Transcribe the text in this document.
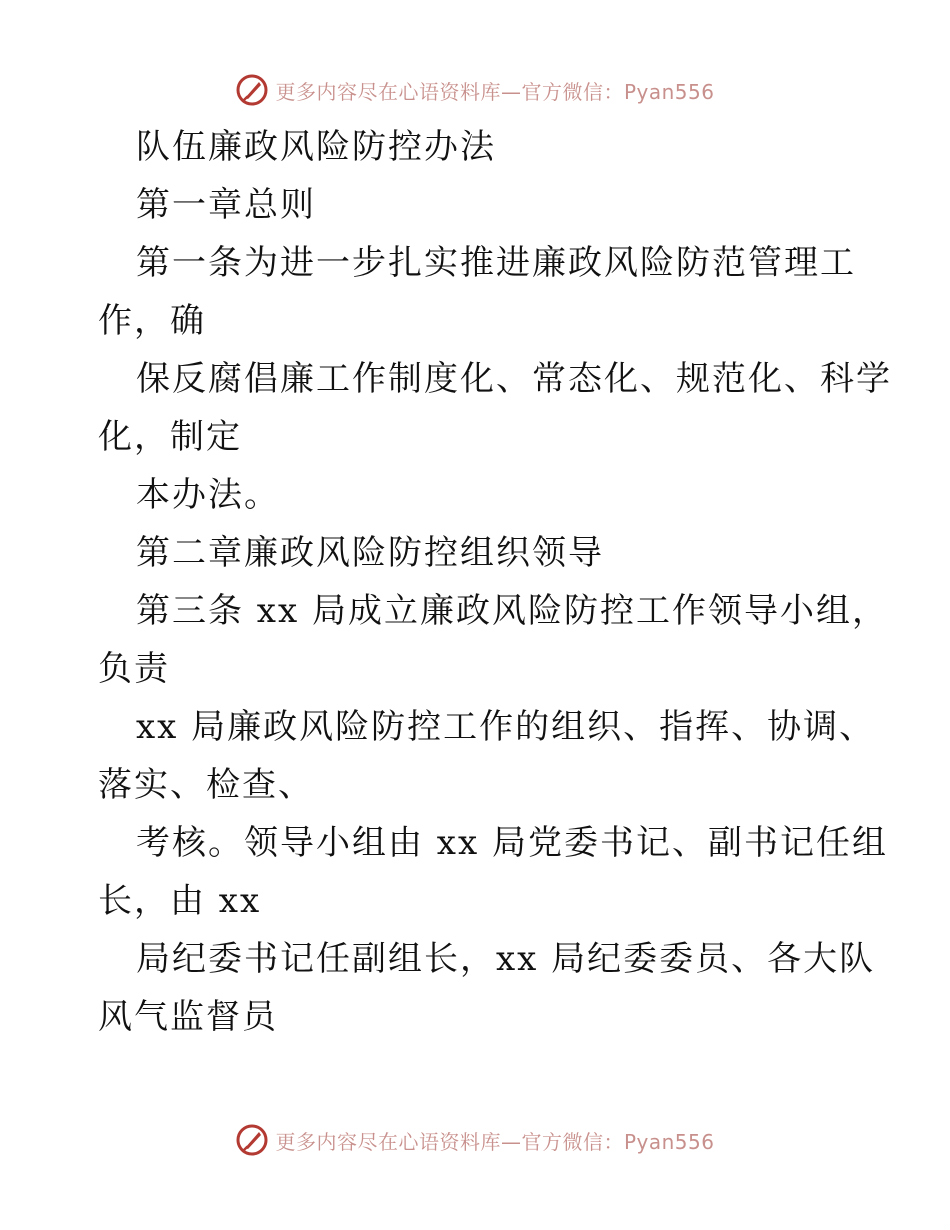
更多内容尽在心语资料库—官方微信：Pyan556
队伍廉政风险防控办法
第一章总则
第一条为进一步扎实推进廉政风险防范管理工
作，确
保反腐倡廉工作制度化、常态化、规范化、科学
化，制定
本办法。
第二章廉政风险防控组织领导
第三条 xx 局成立廉政风险防控工作领导小组，
负责
xx 局廉政风险防控工作的组织、指挥、协调、
落实、检查、
考核。领导小组由 xx 局党委书记、副书记任组
长，由 xx
局纪委书记任副组长，xx 局纪委委员、各大队
风气监督员
更多内容尽在心语资料库—官方微信：Pyan556
